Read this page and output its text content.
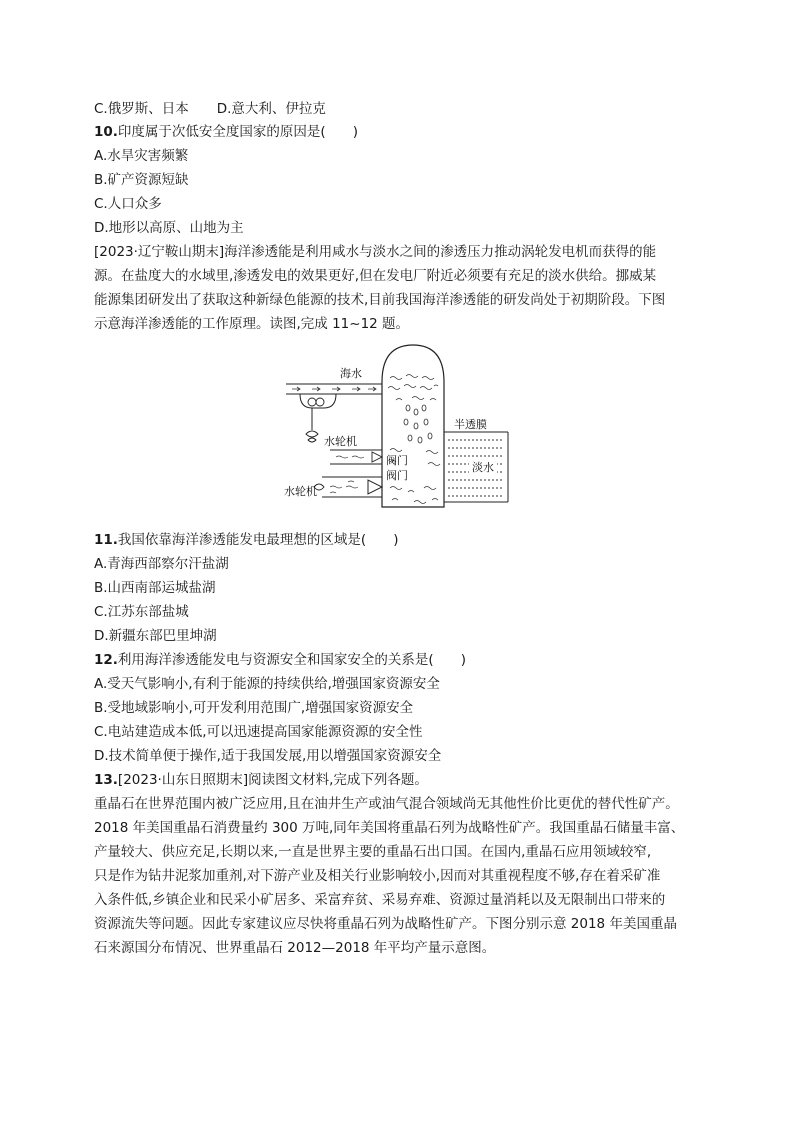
C.俄罗斯、日本 D.意大利、伊拉克
10.印度属于次低安全度国家的原因是(　　)
A.水旱灾害频繁
B.矿产资源短缺
C.人口众多
D.地形以高原、山地为主
[2023·辽宁鞍山期末]海洋渗透能是利用咸水与淡水之间的渗透压力推动涡轮发电机而获得的能
源。在盐度大的水域里,渗透发电的效果更好,但在发电厂附近必须要有充足的淡水供给。挪威某
能源集团研发出了获取这种新绿色能源的技术,目前我国海洋渗透能的研发尚处于初期阶段。下图
示意海洋渗透能的工作原理。读图,完成 11~12 题。
海水
水轮机
阀门
阀门
水轮机
淡水
半透膜
11.我国依靠海洋渗透能发电最理想的区域是(　　)
A.青海西部察尔汗盐湖
B.山西南部运城盐湖
C.江苏东部盐城
D.新疆东部巴里坤湖
12.利用海洋渗透能发电与资源安全和国家安全的关系是(　　)
A.受天气影响小,有利于能源的持续供给,增强国家资源安全
B.受地域影响小,可开发利用范围广,增强国家资源安全
C.电站建造成本低,可以迅速提高国家能源资源的安全性
D.技术简单便于操作,适于我国发展,用以增强国家资源安全
13.[2023·山东日照期末]阅读图文材料,完成下列各题。
重晶石在世界范围内被广泛应用,且在油井生产或油气混合领域尚无其他性价比更优的替代性矿产。
2018 年美国重晶石消费量约 300 万吨,同年美国将重晶石列为战略性矿产。我国重晶石储量丰富、
产量较大、供应充足,长期以来,一直是世界主要的重晶石出口国。在国内,重晶石应用领域较窄,
只是作为钻井泥浆加重剂,对下游产业及相关行业影响较小,因而对其重视程度不够,存在着采矿准
入条件低,乡镇企业和民采小矿居多、采富弃贫、采易弃难、资源过量消耗以及无限制出口带来的
资源流失等问题。因此专家建议应尽快将重晶石列为战略性矿产。下图分别示意 2018 年美国重晶
石来源国分布情况、世界重晶石 2012—2018 年平均产量示意图。
